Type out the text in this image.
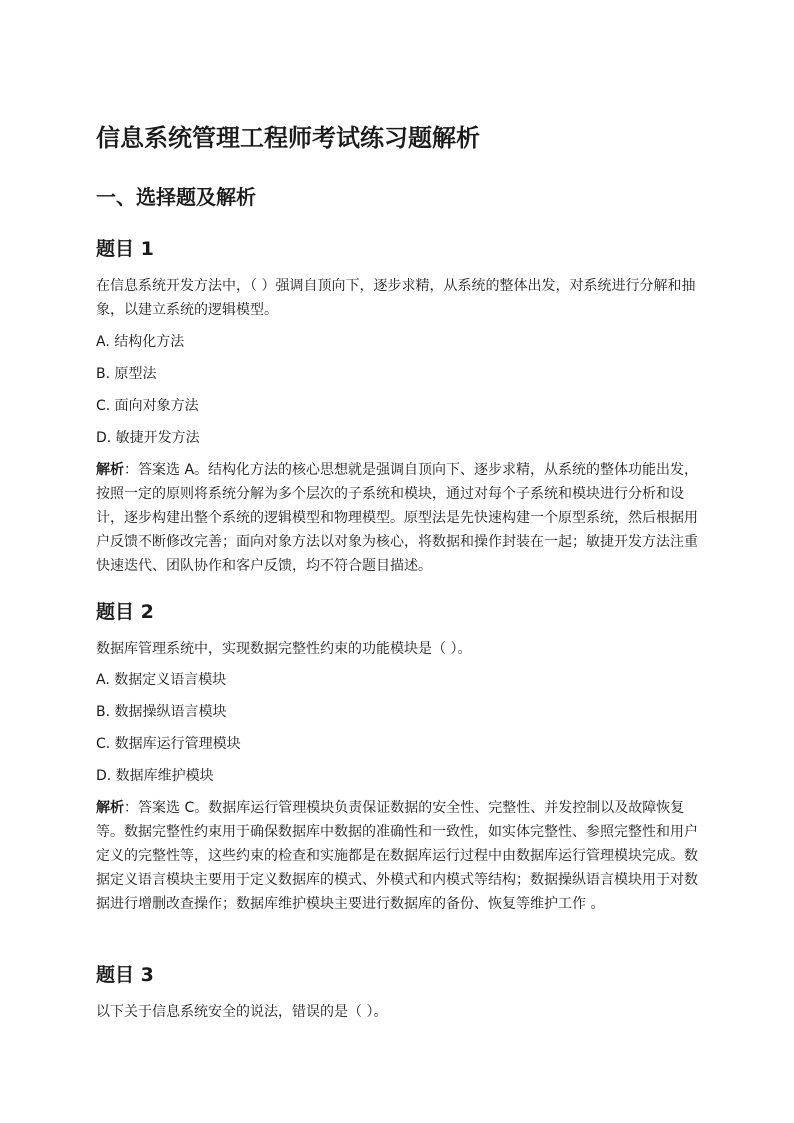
信息系统管理工程师考试练习题解析
一、选择题及解析
题目 1

在信息系统开发方法中，（ ）强调自顶向下，逐步求精，从系统的整体出发，对系统进行分解和抽象，以建立系统的逻辑模型。

A. 结构化方法

B. 原型法

C. 面向对象方法

D. 敏捷开发方法

解析：答案选 A。结构化方法的核心思想就是强调自顶向下、逐步求精，从系统的整体功能出发，按照一定的原则将系统分解为多个层次的子系统和模块，通过对每个子系统和模块进行分析和设计，逐步构建出整个系统的逻辑模型和物理模型。原型法是先快速构建一个原型系统，然后根据用户反馈不断修改完善；面向对象方法以对象为核心，将数据和操作封装在一起；敏捷开发方法注重快速迭代、团队协作和客户反馈，均不符合题目描述。

题目 2

数据库管理系统中，实现数据完整性约束的功能模块是（ ）。

A. 数据定义语言模块

B. 数据操纵语言模块

C. 数据库运行管理模块

D. 数据库维护模块

解析：答案选 C。数据库运行管理模块负责保证数据的安全性、完整性、并发控制以及故障恢复等。数据完整性约束用于确保数据库中数据的准确性和一致性，如实体完整性、参照完整性和用户定义的完整性等，这些约束的检查和实施都是在数据库运行过程中由数据库运行管理模块完成。数据定义语言模块主要用于定义数据库的模式、外模式和内模式等结构；数据操纵语言模块用于对数据进行增删改查操作；数据库维护模块主要进行数据库的备份、恢复等维护工作 。

题目 3

以下关于信息系统安全的说法，错误的是（ ）。
